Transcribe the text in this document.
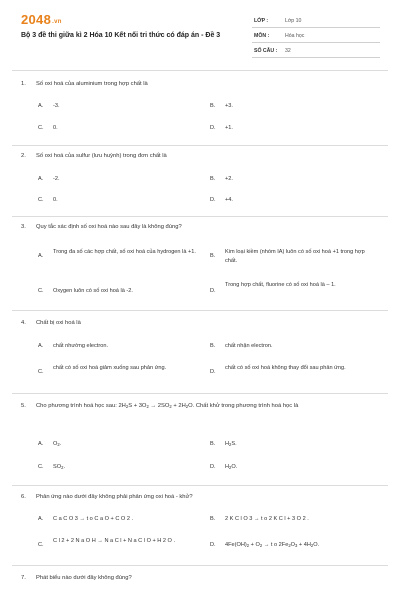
2048.vn
Bộ 3 đề thi giữa kì 2 Hóa 10 Kết nối tri thức có đáp án - Đề 3
LỚP :	Lớp 10
MÔN :	Hóa học
SỐ CÂU : 32
1. Số oxi hoá của aluminium trong hợp chất là
A. -3.	B. +3.
C. 0.	D. +1.
2. Số oxi hoá của sulfur (lưu huỳnh) trong đơn chất là
A. -2.	B. +2.
C. 0.	D. +4.
3. Quy tắc xác định số oxi hoá nào sau đây là không đúng?
A.
Trong đa số các hợp chất, số oxi hoá của hydrogen là +1.
B.
Kim loại kiềm (nhóm IA) luôn có số oxi hoá +1 trong hợp chất.
C. Oxygen luôn có số oxi hoá là -2.	D.
Trong hợp chất, fluorine có số oxi hoá là – 1.
4. Chất bị oxi hoá là
A. chất nhường electron.	B. chất nhận electron.
C.
chất có số oxi hoá giảm xuống sau phản ứng.
D.
chất có số oxi hoá không thay đổi sau phản ứng.
5. Cho phương trình hoá học sau: $2H_2S + 3O_2 \to 2SO_2 + 2H_2O$. Chất khử trong phương trình hoá học là
A. $O_2$.	B. $H_2S$.
C. $SO_2$.	D. $H_2O$.
6. Phản ứng nào dưới đây không phải phản ứng oxi hoá - khử?
A. C a C O 3 → t o C a O + C O 2 .	B. 2 K C l O 3 → t o 2 K C l + 3 O 2 .
C.
C l 2 + 2 N a O H → N a C l + N a C l O + H 2 O .
D. $4Fe(OH)_2 + O_2 \to t$ o $2Fe_2O_3 + 4H_2O$.
7. Phát biểu nào dưới đây không đúng?
